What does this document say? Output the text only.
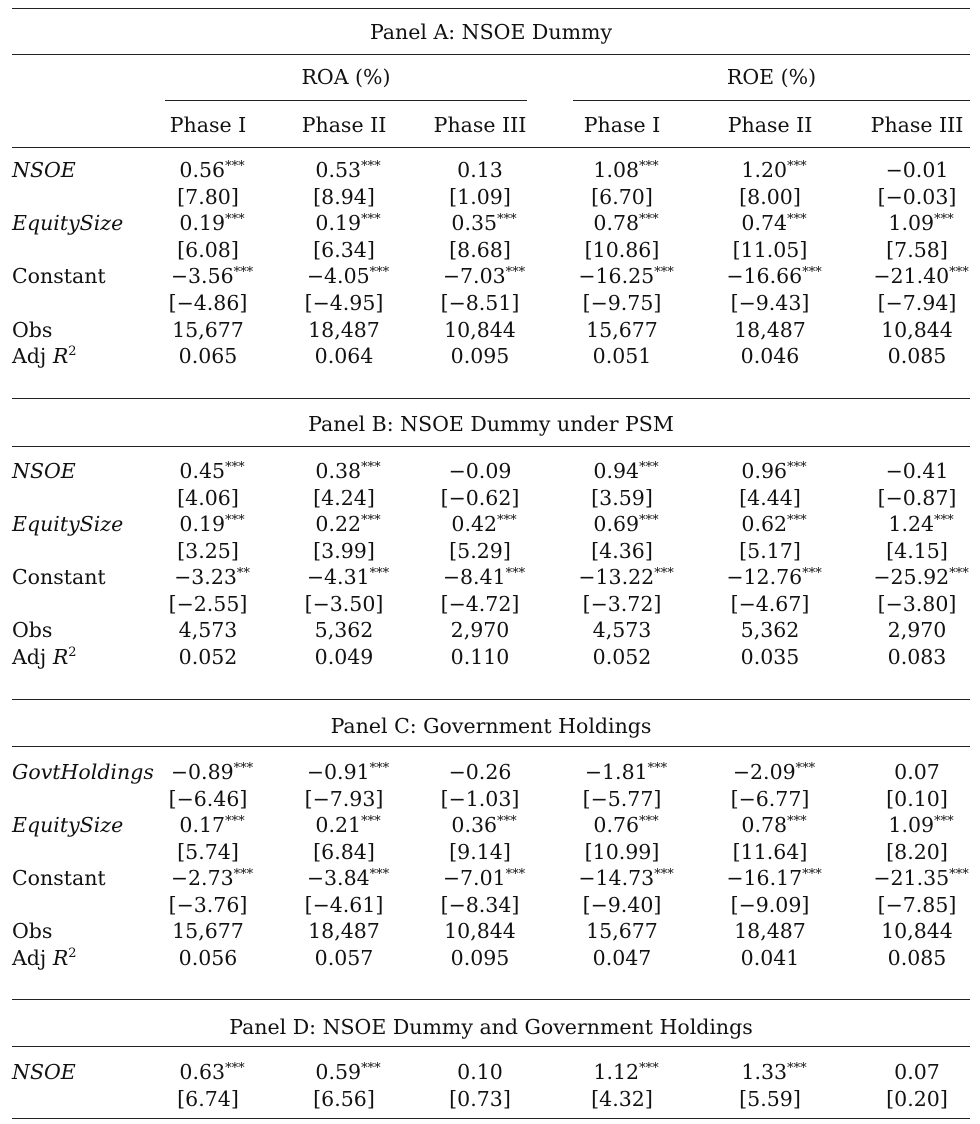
Panel A: NSOE Dummy
ROA (%)	ROE (%)
Phase I	Phase II	Phase III	Phase I	Phase II	Phase III
NSOE	0.56***	0.53***	0.13	1.08***	1.20***	−0.01
[7.80]	[8.94]	[1.09]	[6.70]	[8.00]	[−0.03]
EquitySize	0.19***	0.19***	0.35***	0.78***	0.74***	1.09***
[6.08]	[6.34]	[8.68]	[10.86]	[11.05]	[7.58]
Constant	−3.56***	−4.05***	−7.03***	−16.25***	−16.66***	−21.40***
[−4.86]	[−4.95]	[−8.51]	[−9.75]	[−9.43]	[−7.94]
Obs	15,677	18,487	10,844	15,677	18,487	10,844
Adj $R^2$	0.065	0.064	0.095	0.051	0.046	0.085
Panel B: NSOE Dummy under PSM
NSOE	0.45***	0.38***	−0.09	0.94***	0.96***	−0.41
[4.06]	[4.24]	[−0.62]	[3.59]	[4.44]	[−0.87]
EquitySize	0.19***	0.22***	0.42***	0.69***	0.62***	1.24***
[3.25]	[3.99]	[5.29]	[4.36]	[5.17]	[4.15]
Constant	−3.23**	−4.31***	−8.41***	−13.22***	−12.76***	−25.92***
[−2.55]	[−3.50]	[−4.72]	[−3.72]	[−4.67]	[−3.80]
Obs	4,573	5,362	2,970	4,573	5,362	2,970
Adj $R^2$	0.052	0.049	0.110	0.052	0.035	0.083
Panel C: Government Holdings
GovtHoldings −0.89***	−0.91***	−0.26	−1.81***	−2.09***	0.07
[−6.46]	[−7.93]	[−1.03]	[−5.77]	[−6.77]	[0.10]
EquitySize	0.17***	0.21***	0.36***	0.76***	0.78***	1.09***
[5.74]	[6.84]	[9.14]	[10.99]	[11.64]	[8.20]
Constant	−2.73***	−3.84***	−7.01***	−14.73***	−16.17***	−21.35***
[−3.76]	[−4.61]	[−8.34]	[−9.40]	[−9.09]	[−7.85]
Obs	15,677	18,487	10,844	15,677	18,487	10,844
Adj $R^2$	0.056	0.057	0.095	0.047	0.041	0.085
Panel D: NSOE Dummy and Government Holdings
NSOE	0.63***	0.59***	0.10	1.12***	1.33***	0.07
[6.74]	[6.56]	[0.73]	[4.32]	[5.59]	[0.20]
